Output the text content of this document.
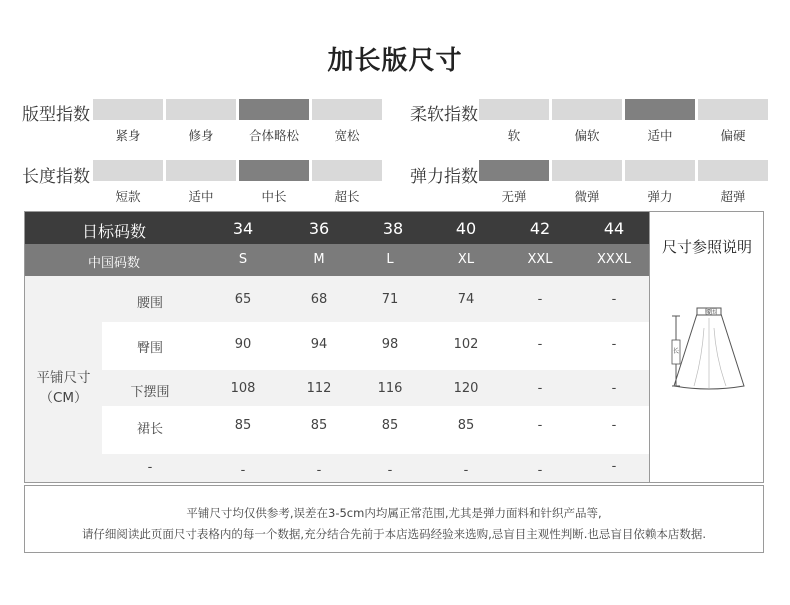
加长版尺寸
版型指数
紧身	修身	合体略松	宽松
柔软指数
软	偏软	适中	偏硬
长度指数
短款	适中	中长	超长
弹力指数
无弹	微弹	弹力	超弹
日标码数	34	36	38	40	42	44
中国码数	S	M	L	XL	XXL	XXXL
平铺尺寸
（CM）
腰围	65	68	71	74	-	-
臀围	90	94	98	102	-	-
下摆围	108	112	116	120	-	-
裙长	85	85	85	85	-	-
-	-	-	-	-	-	-
尺寸参照说明
腰围
长
平铺尺寸均仅供参考,误差在3-5cm内均属正常范围,尤其是弹力面料和针织产品等,
请仔细阅读此页面尺寸表格内的每一个数据,充分结合先前于本店选码经验来选购,忌盲目主观性判断.也忌盲目依赖本店数据.
